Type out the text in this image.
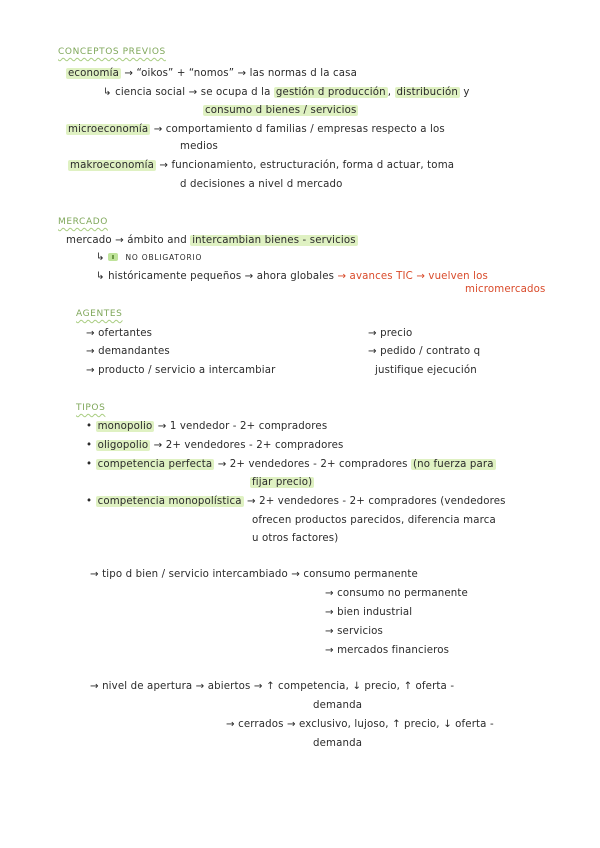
CONCEPTOS PREVIOS
economía → “oikos” + “nomos” → las normas d la casa
↳ ciencia social → se ocupa d la gestión d producción , distribución y
consumo d bienes / servicios
microeconomía → comportamiento d familias / empresas respecto a los
medios
makroeconomía → funcionamiento, estructuración, forma d actuar, toma
d decisiones a nivel d mercado
MERCADO
mercado → ámbito and intercambian bienes - servicios
↳	NO OBLIGATORIO
↳ históricamente pequeños → ahora globales → avances TIC → vuelven los
micromercados
AGENTES
→ ofertantes
→ demandantes
→ producto / servicio a intercambiar
→ precio
→ pedido / contrato q
justifique ejecución
TIPOS
• monopolio → 1 vendedor - 2+ compradores
• oligopolio → 2+ vendedores - 2+ compradores
• competencia perfecta → 2+ vendedores - 2+ compradores (no fuerza para
fijar precio)
• competencia monopolística → 2+ vendedores - 2+ compradores (vendedores
ofrecen productos parecidos, diferencia marca
u otros factores)
→ tipo d bien / servicio intercambiado → consumo permanente
→ consumo no permanente
→ bien industrial
→ servicios
→ mercados financieros
→ nivel de apertura → abiertos → ↑ competencia, ↓ precio, ↑ oferta -
demanda
→ cerrados → exclusivo, lujoso, ↑ precio, ↓ oferta -
demanda
